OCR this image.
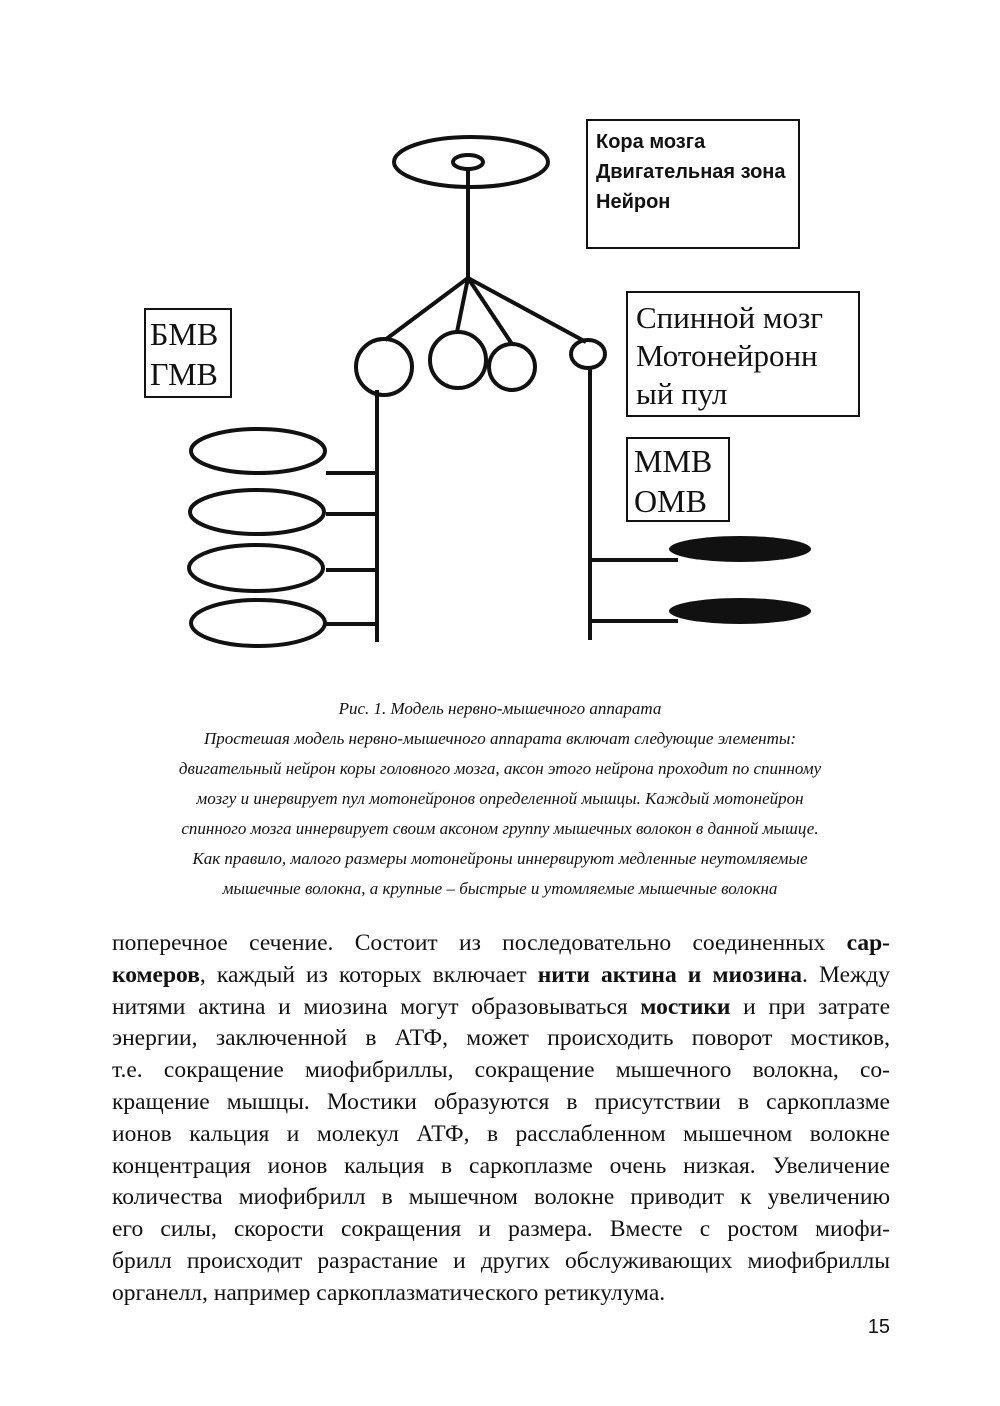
Кора мозга
Двигательная зона
Нейрон
Спинной мозг
Мотонейронн
ый пул
БМВ
ГМВ
ММВ
ОМВ
Рис. 1. Модель нервно-мышечного аппарата
Простешая модель нервно-мышечного аппарата включат следующие элементы:
двигательный нейрон коры головного мозга, аксон этого нейрона проходит по спинному
мозгу и инервирует пул мотонейронов определенной мышцы. Каждый мотонейрон
спинного мозга иннервирует своим аксоном группу мышечных волокон в данной мышце.
Как правило, малого размеры мотонейроны иннервируют медленные неутомляемые
мышечные волокна, а крупные – быстрые и утомляемые мышечные волокна
поперечное сечение. Состоит из последовательно соединенных сар-
комеров, каждый из которых включает нити актина и миозина. Между
нитями актина и миозина могут образовываться мостики и при затрате
энергии, заключенной в АТФ, может происходить поворот мостиков,
т.е. сокращение миофибриллы, сокращение мышечного волокна, со-
кращение мышцы. Мостики образуются в присутствии в саркоплазме
ионов кальция и молекул АТФ, в расслабленном мышечном волокне
концентрация ионов кальция в саркоплазме очень низкая. Увеличение
количества миофибрилл в мышечном волокне приводит к увеличению
его силы, скорости сокращения и размера. Вместе с ростом миофи-
брилл происходит разрастание и других обслуживающих миофибриллы
органелл, например саркоплазматического ретикулума.
15
